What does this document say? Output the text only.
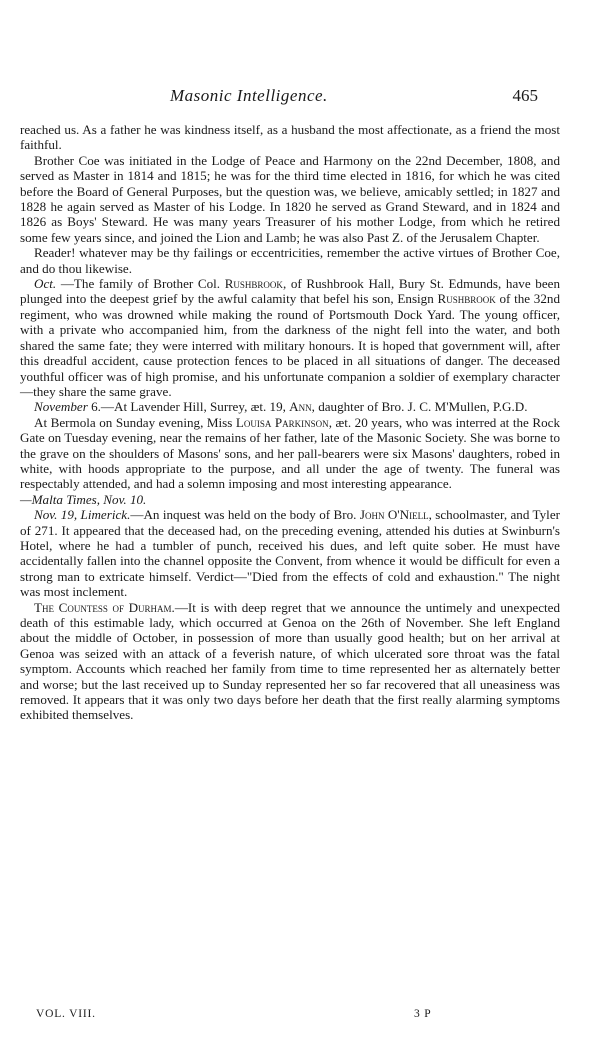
Masonic Intelligence.	465

reached us. As a father he was kindness itself, as a husband the most affectionate, as a friend the most faithful.

Brother Coe was initiated in the Lodge of Peace and Harmony on the 22nd December, 1808, and served as Master in 1814 and 1815; he was for the third time elected in 1816, for which he was cited before the Board of General Purposes, but the question was, we believe, amicably settled; in 1827 and 1828 he again served as Master of his Lodge. In 1820 he served as Grand Steward, and in 1824 and 1826 as Boys' Steward. He was many years Treasurer of his mother Lodge, from which he retired some few years since, and joined the Lion and Lamb; he was also Past Z. of the Jerusalem Chapter.

Reader! whatever may be thy failings or eccentricities, remember the active virtues of Brother Coe, and do thou likewise.

Oct. —The family of Brother Col. Rushbrook, of Rushbrook Hall, Bury St. Edmunds, have been plunged into the deepest grief by the awful calamity that befel his son, Ensign Rushbrook of the 32nd regiment, who was drowned while making the round of Portsmouth Dock Yard. The young officer, with a private who accompanied him, from the darkness of the night fell into the water, and both shared the same fate; they were interred with military honours. It is hoped that government will, after this dreadful accident, cause protection fences to be placed in all situations of danger. The deceased youthful officer was of high promise, and his unfortunate companion a soldier of exemplary character—they share the same grave.

November 6.—At Lavender Hill, Surrey, æt. 19, Ann, daughter of Bro. J. C. M'Mullen, P.G.D.

At Bermola on Sunday evening, Miss Louisa Parkinson, æt. 20 years, who was interred at the Rock Gate on Tuesday evening, near the remains of her father, late of the Masonic Society. She was borne to the grave on the shoulders of Masons' sons, and her pall-bearers were six Masons' daughters, robed in white, with hoods appropriate to the purpose, and all under the age of twenty. The funeral was respectably attended, and had a solemn imposing and most interesting appearance.

—Malta Times, Nov. 10.

Nov. 19, Limerick.—An inquest was held on the body of Bro. John O'Niell, schoolmaster, and Tyler of 271. It appeared that the deceased had, on the preceding evening, attended his duties at Swinburn's Hotel, where he had a tumbler of punch, received his dues, and left quite sober. He must have accidentally fallen into the channel opposite the Convent, from whence it would be difficult for even a strong man to extricate himself. Verdict—"Died from the effects of cold and exhaustion." The night was most inclement.

The Countess of Durham.—It is with deep regret that we announce the untimely and unexpected death of this estimable lady, which occurred at Genoa on the 26th of November. She left England about the middle of October, in possession of more than usually good health; but on her arrival at Genoa was seized with an attack of a feverish nature, of which ulcerated sore throat was the fatal symptom. Accounts which reached her family from time to time represented her as alternately better and worse; but the last received up to Sunday represented her so far recovered that all uneasiness was removed. It appears that it was only two days before her death that the first really alarming symptoms exhibited themselves.

VOL. VIII.	3 P
